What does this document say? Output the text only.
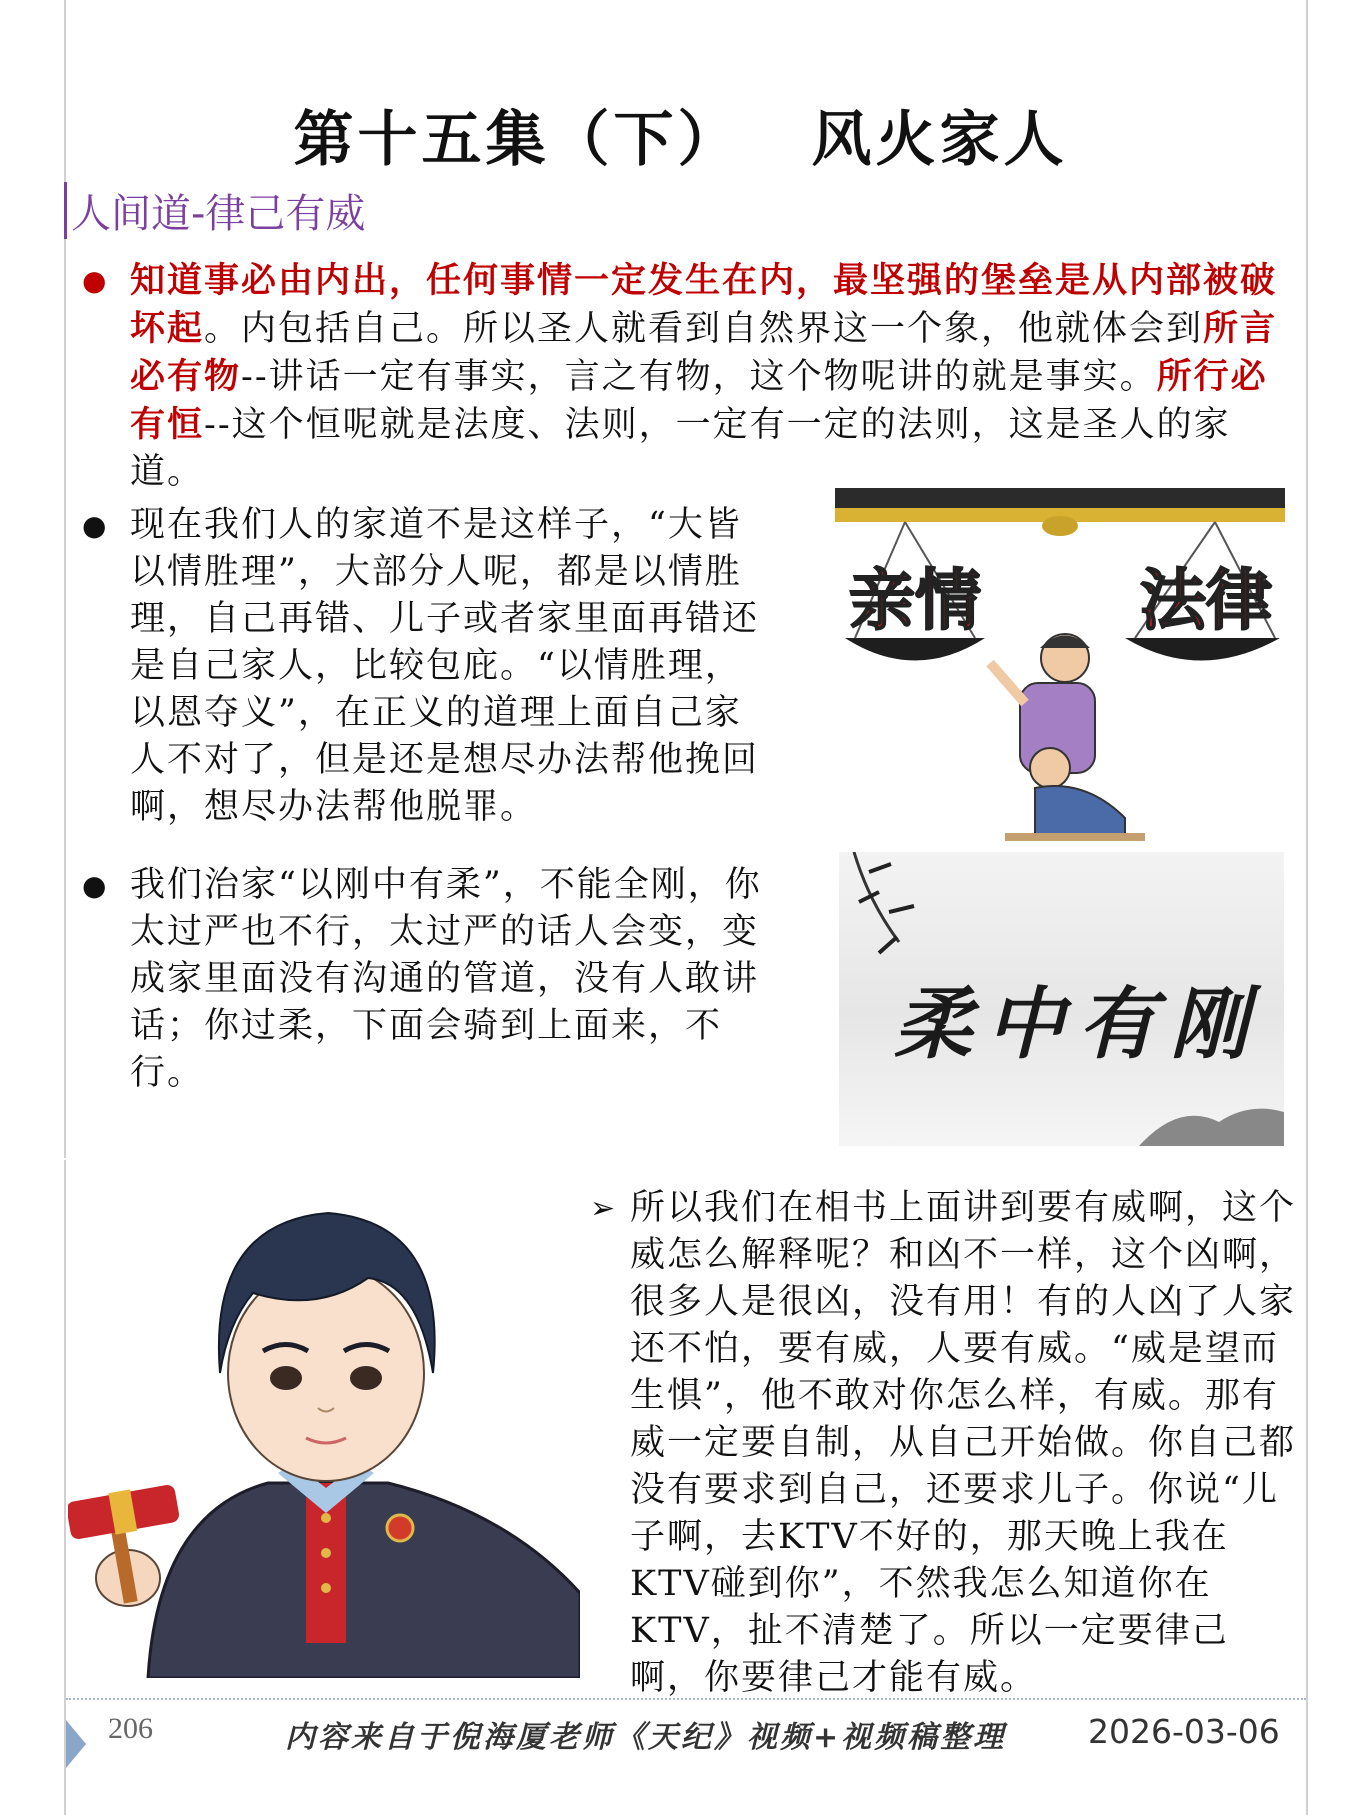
第十五集（下） 风火家人
人间道-律己有威
● 知道事必由内出，任何事情一定发生在内，最坚强的堡垒是从内部被破坏起。内包括自己。所以圣人就看到自然界这一个象，他就体会到所言必有物--讲话一定有事实，言之有物，这个物呢讲的就是事实。所行必有恒--这个恒呢就是法度、法则，一定有一定的法则，这是圣人的家道。
● 现在我们人的家道不是这样子，“大皆以情胜理”，大部分人呢，都是以情胜理，自己再错、儿子或者家里面再错还是自己家人，比较包庇。“以情胜理，以恩夺义”，在正义的道理上面自己家人不对了，但是还是想尽办法帮他挽回啊，想尽办法帮他脱罪。
● 我们治家“以刚中有柔”，不能全刚，你太过严也不行，太过严的话人会变，变成家里面没有沟通的管道，没有人敢讲话；你过柔，下面会骑到上面来，不行。
➢ 所以我们在相书上面讲到要有威啊，这个威怎么解释呢？和凶不一样，这个凶啊，很多人是很凶，没有用！有的人凶了人家还不怕，要有威，人要有威。“威是望而生惧”，他不敢对你怎么样，有威。那有威一定要自制，从自己开始做。你自己都没有要求到自己，还要求儿子。你说“儿子啊，去KTV不好的，那天晚上我在KTV碰到你”，不然我怎么知道你在KTV，扯不清楚了。所以一定要律己啊，你要律己才能有威。
亲情 法律
柔中有刚
206	内容来自于倪海厦老师《天纪》视频+视频稿整理 2026-03-06
